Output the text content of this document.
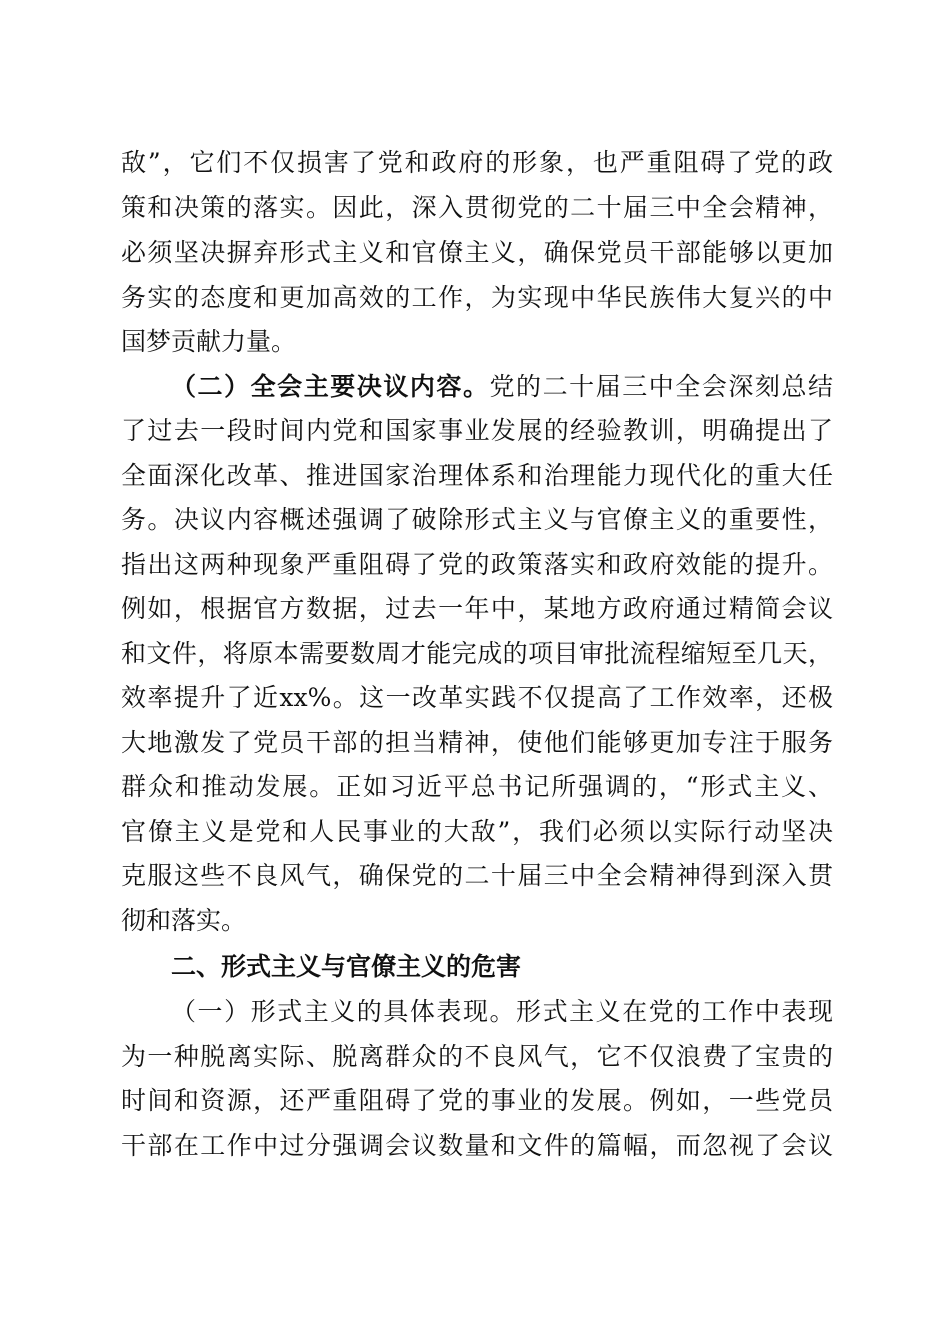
敌”，它们不仅损害了党和政府的形象，也严重阻碍了党的政
策和决策的落实。因此，深入贯彻党的二十届三中全会精神，
必须坚决摒弃形式主义和官僚主义，确保党员干部能够以更加
务实的态度和更加高效的工作，为实现中华民族伟大复兴的中
国梦贡献力量。
（二）全会主要决议内容。党的二十届三中全会深刻总结
了过去一段时间内党和国家事业发展的经验教训，明确提出了
全面深化改革、推进国家治理体系和治理能力现代化的重大任
务。决议内容概述强调了破除形式主义与官僚主义的重要性，
指出这两种现象严重阻碍了党的政策落实和政府效能的提升。
例如，根据官方数据，过去一年中，某地方政府通过精简会议
和文件，将原本需要数周才能完成的项目审批流程缩短至几天，
效率提升了近xx%。这一改革实践不仅提高了工作效率，还极
大地激发了党员干部的担当精神，使他们能够更加专注于服务
群众和推动发展。正如习近平总书记所强调的，“形式主义、
官僚主义是党和人民事业的大敌”，我们必须以实际行动坚决
克服这些不良风气，确保党的二十届三中全会精神得到深入贯
彻和落实。
二、形式主义与官僚主义的危害
（一）形式主义的具体表现。形式主义在党的工作中表现
为一种脱离实际、脱离群众的不良风气，它不仅浪费了宝贵的
时间和资源，还严重阻碍了党的事业的发展。例如，一些党员
干部在工作中过分强调会议数量和文件的篇幅，而忽视了会议
